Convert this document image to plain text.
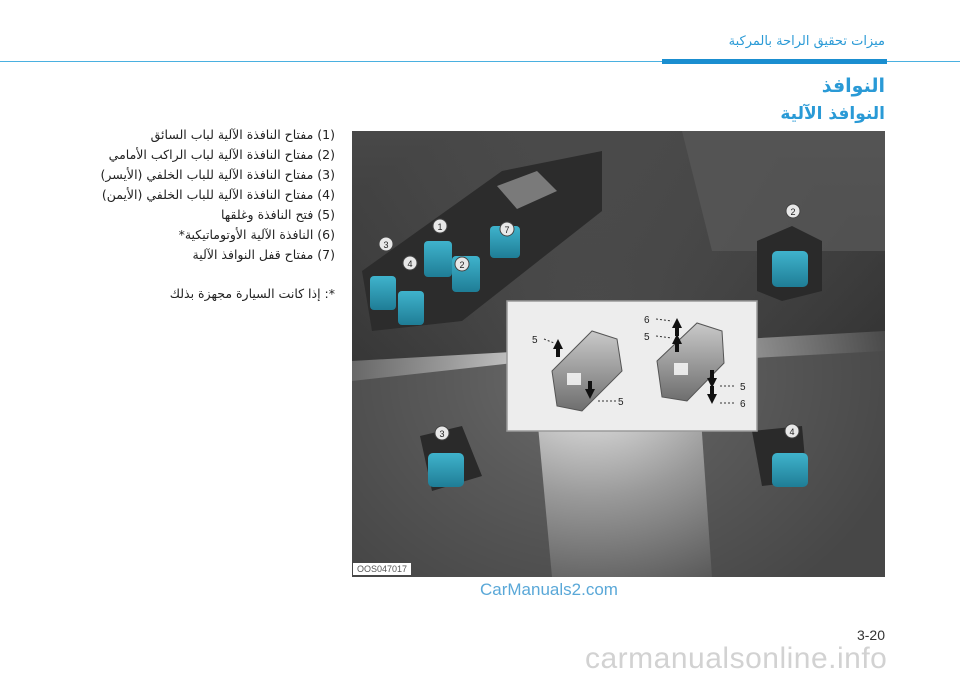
ميزات تحقيق الراحة بالمركبة
النوافذ
النوافذ الآلية
(1) مفتاح النافذة الآلية لباب السائق
(2) مفتاح النافذة الآلية لباب الراكب الأمامي
(3) مفتاح النافذة الآلية للباب الخلفي (الأيسر)
(4) مفتاح النافذة الآلية للباب الخلفي (الأيمن)
(5) فتح النافذة وغلقها
(6) النافذة الآلية الأوتوماتيكية*
(7) مفتاح قفل النوافذ الآلية
*: إذا كانت السيارة مجهزة بذلك
5
5
6
5
5
6
1
2
3
4
7
2
3	4
OOS047017
CarManuals2.com
3-20
carmanualsonline.info
